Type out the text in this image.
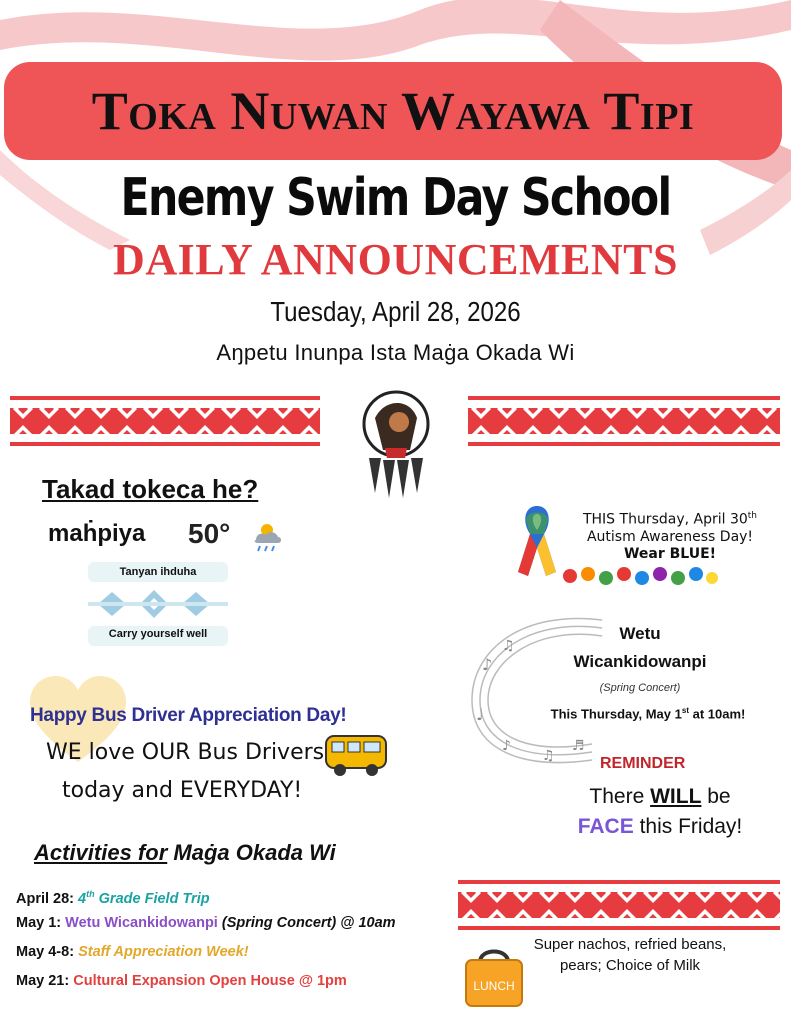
Toka Nuwan Wayawa Tipi
Enemy Swim Day School
DAILY ANNOUNCEMENTS
Tuesday, April 28, 2026
Aŋpetu Inunpa Ista Maġa Okada Wi
Takad tokeca he?
maḣpiya 50°
Tanyan ihduha
Carry yourself well
Happy Bus Driver Appreciation Day!
WE love OUR Bus Drivers
today and EVERYDAY!
Activities for Maġa Okada Wi
April 28: 4th Grade Field Trip
May 1: Wetu Wicankidowanpi (Spring Concert) @ 10am
May 4-8: Staff Appreciation Week!
May 21: Cultural Expansion Open House @ 1pm
THIS Thursday, April 30th
Autism Awareness Day!
Wear BLUE!
♪
♫
♩
♪
♫
♬
Wetu
Wicankidowanpi
(Spring Concert)
This Thursday, May 1st at 10am!
REMINDER
There WILL be
FACE this Friday!
LUNCH
Super nachos, refried beans, pears; Choice of Milk
